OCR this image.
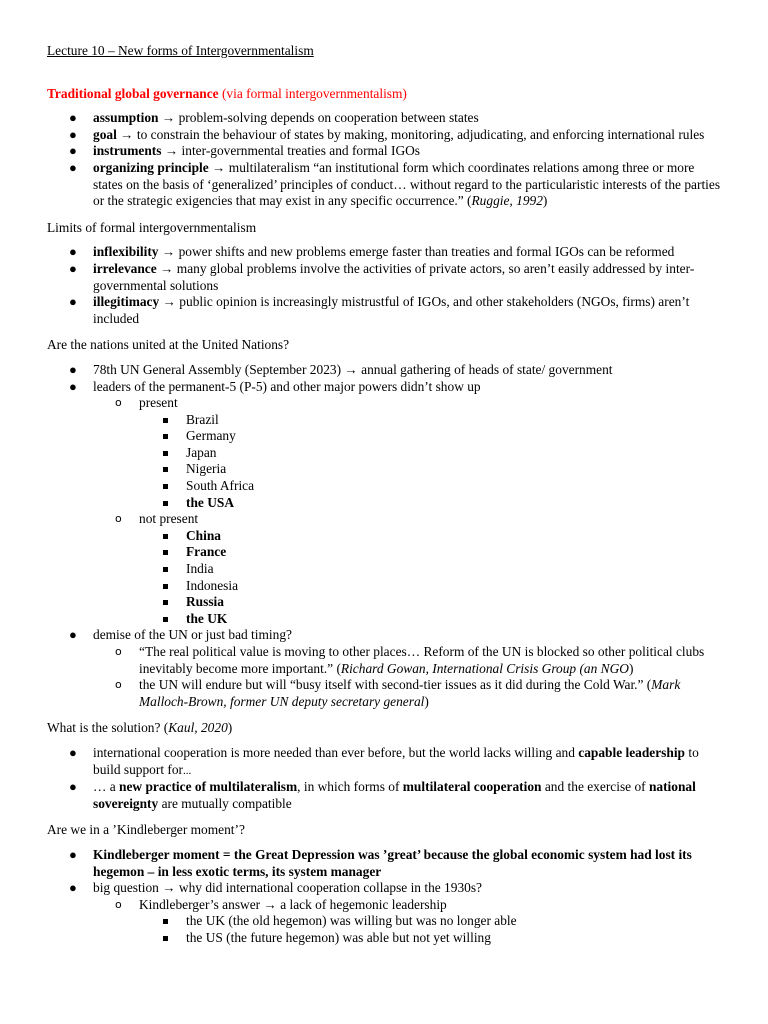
Lecture 10 – New forms of Intergovernmentalism
Traditional global governance (via formal intergovernmentalism)
● assumption → problem-solving depends on cooperation between states
● goal → to constrain the behaviour of states by making, monitoring, adjudicating, and enforcing international rules
● instruments → inter-governmental treaties and formal IGOs
● organizing principle → multilateralism “an institutional form which coordinates relations among three or more states on the basis of ‘generalized’ principles of conduct… without regard to the particularistic interests of the parties or the strategic exigencies that may exist in any specific occurrence.” (Ruggie, 1992)
Limits of formal intergovernmentalism
● inflexibility → power shifts and new problems emerge faster than treaties and formal IGOs can be reformed
● irrelevance → many global problems involve the activities of private actors, so aren’t easily addressed by inter-governmental solutions
● illegitimacy → public opinion is increasingly mistrustful of IGOs, and other stakeholders (NGOs, firms) aren’t included
Are the nations united at the United Nations?
● 78th UN General Assembly (September 2023) → annual gathering of heads of state/ government
● leaders of the permanent-5 (P-5) and other major powers didn’t show up
o present
Brazil
Germany
Japan
Nigeria
South Africa
the USA
o not present
China
France
India
Indonesia
Russia
the UK
● demise of the UN or just bad timing?
o “The real political value is moving to other places… Reform of the UN is blocked so other political clubs inevitably become more important.” (Richard Gowan, International Crisis Group (an NGO)
o the UN will endure but will “busy itself with second-tier issues as it did during the Cold War.” (Mark Malloch-Brown, former UN deputy secretary general)
What is the solution? (Kaul, 2020)
● international cooperation is more needed than ever before, but the world lacks willing and capable leadership to build support for...
● … a new practice of multilateralism, in which forms of multilateral cooperation and the exercise of national sovereignty are mutually compatible
Are we in a ’Kindleberger moment’?
● Kindleberger moment = the Great Depression was ’great’ because the global economic system had lost its hegemon – in less exotic terms, its system manager
● big question → why did international cooperation collapse in the 1930s?
o Kindleberger’s answer → a lack of hegemonic leadership
the UK (the old hegemon) was willing but was no longer able
the US (the future hegemon) was able but not yet willing
